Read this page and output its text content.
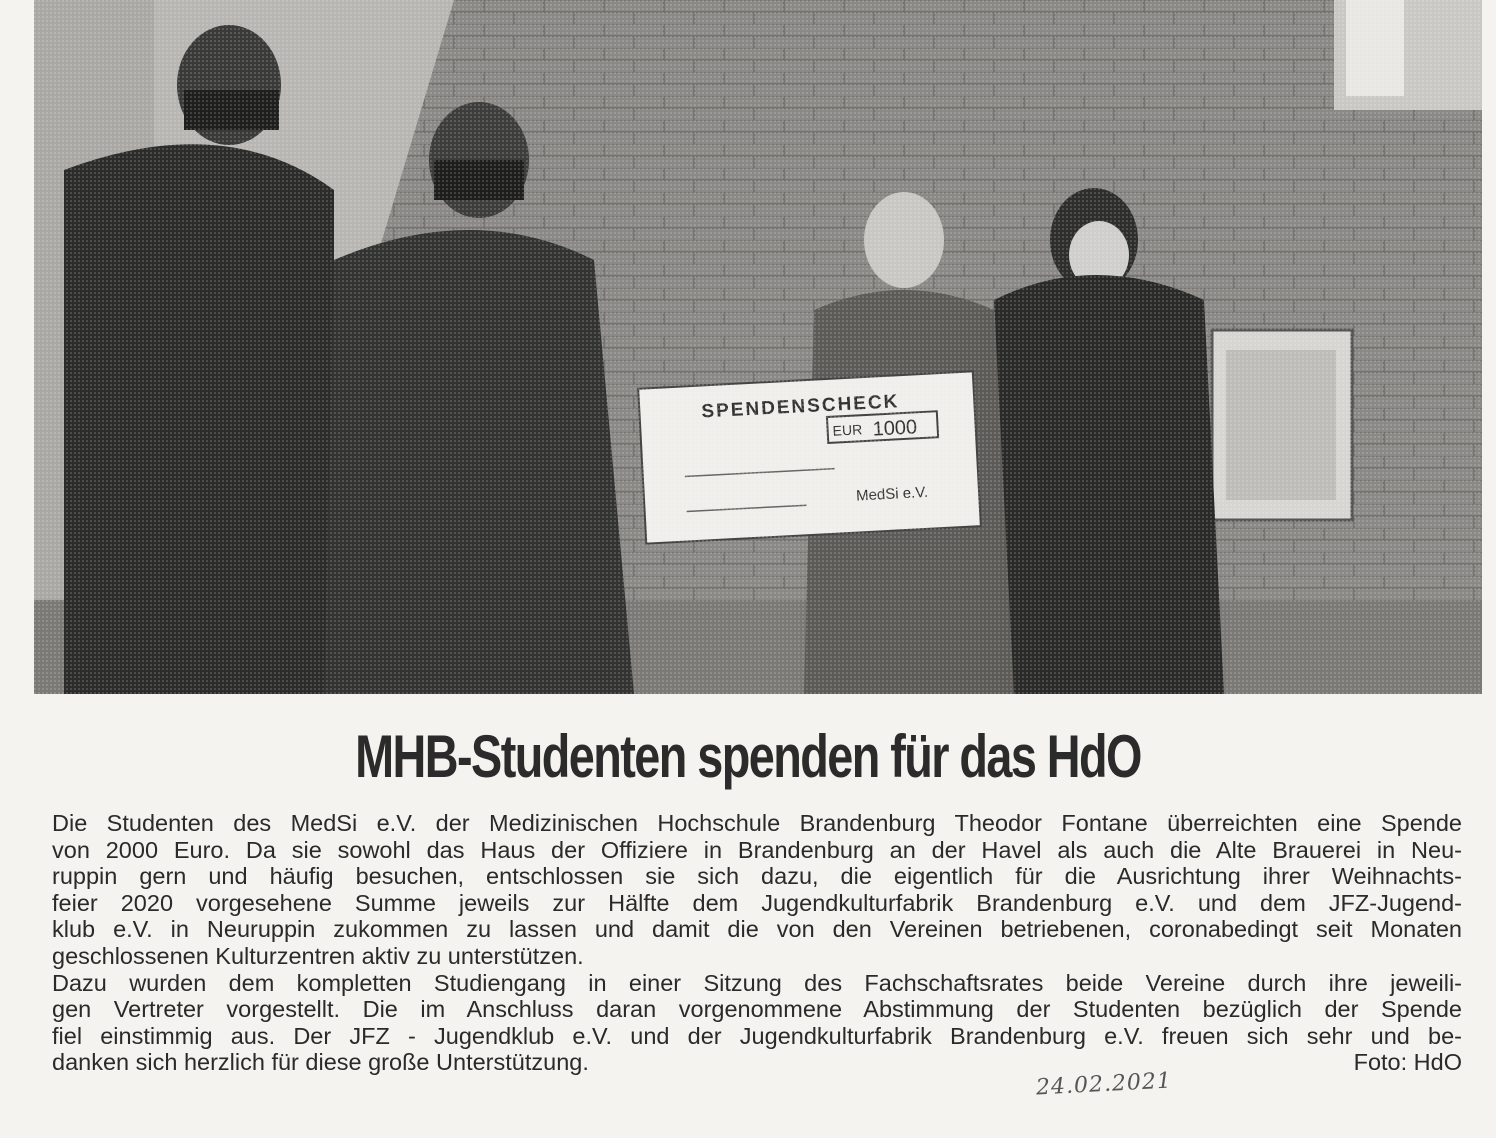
MHB-Studenten spenden für das HdO
Die Studenten des MedSi e.V. der Medizinischen Hochschule Brandenburg Theodor Fontane überreichten eine Spende
von 2000 Euro. Da sie sowohl das Haus der Offiziere in Brandenburg an der Havel als auch die Alte Brauerei in Neu-
ruppin gern und häufig besuchen, entschlossen sie sich dazu, die eigentlich für die Ausrichtung ihrer Weihnachts-
feier 2020 vorgesehene Summe jeweils zur Hälfte dem Jugendkulturfabrik Brandenburg e.V. und dem JFZ-Jugend-
klub e.V. in Neuruppin zukommen zu lassen und damit die von den Vereinen betriebenen, coronabedingt seit Monaten
geschlossenen Kulturzentren aktiv zu unterstützen.
Dazu wurden dem kompletten Studiengang in einer Sitzung des Fachschaftsrates beide Vereine durch ihre jeweili-
gen Vertreter vorgestellt. Die im Anschluss daran vorgenommene Abstimmung der Studenten bezüglich der Spende
fiel einstimmig aus. Der JFZ - Jugendklub e.V. und der Jugendkulturfabrik Brandenburg e.V. freuen sich sehr und be-
danken sich herzlich für diese große Unterstützung.	Foto: HdO
24.02.2021
